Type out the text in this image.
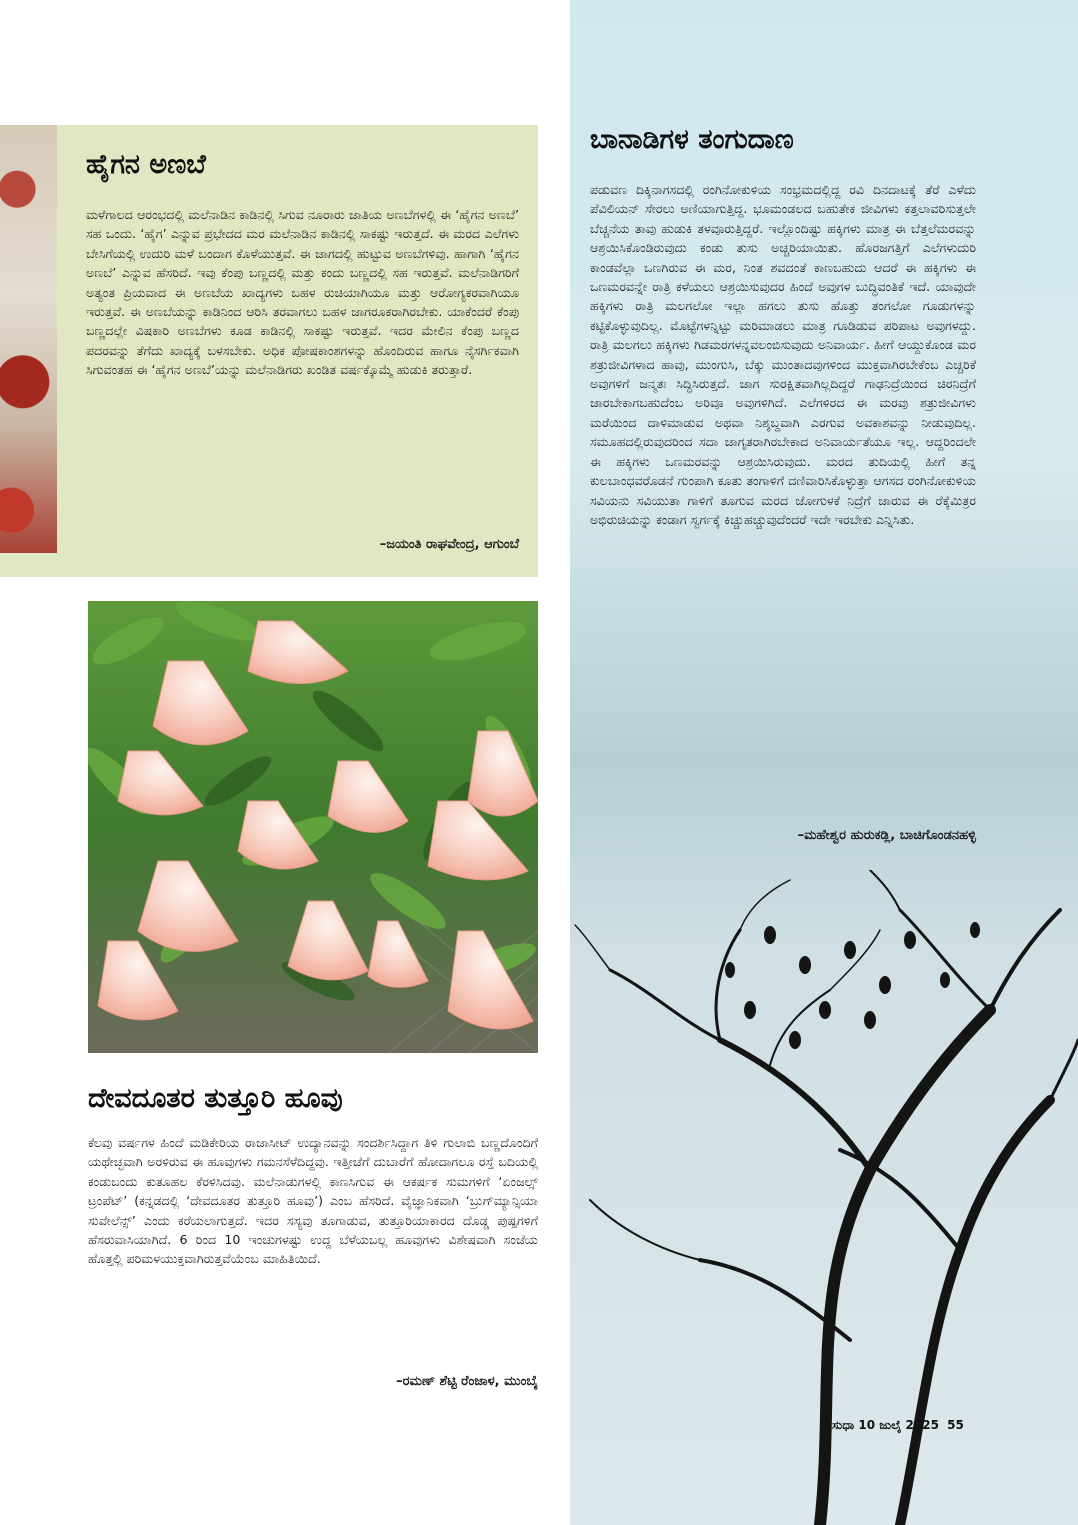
ಹೈಗನ ಅಣಬೆ

ಮಳೆಗಾಲದ ಆರಂಭದಲ್ಲಿ ಮಲೆನಾಡಿನ ಕಾಡಿನಲ್ಲಿ ಸಿಗುವ ನೂರಾರು ಜಾತಿಯ ಅಣಬೆಗಳಲ್ಲಿ ಈ ‘ಹೈಗನ ಅಣಬೆ’ ಸಹ ಒಂದು. ‘ಹೈಗ’ ಎನ್ನುವ ಪ್ರಭೇದದ ಮರ ಮಲೆನಾಡಿನ ಕಾಡಿನಲ್ಲಿ ಸಾಕಷ್ಟು ಇರುತ್ತದೆ. ಈ ಮರದ ಎಲೆಗಳು ಬೇಸಿಗೆಯಲ್ಲಿ ಉದುರಿ ಮಳೆ ಬಂದಾಗ ಕೊಳೆಯುತ್ತವೆ. ಈ ಜಾಗದಲ್ಲಿ ಹುಟ್ಟುವ ಅಣಬೆಗಳಿವು. ಹಾಗಾಗಿ ‘ಹೈಗನ ಅಣಬೆ’ ಎನ್ನುವ ಹೆಸರಿದೆ. ಇವು ಕೆಂಪು ಬಣ್ಣದಲ್ಲಿ ಮತ್ತು ಕಂದು ಬಣ್ಣದಲ್ಲಿ ಸಹ ಇರುತ್ತವೆ. ಮಲೆನಾಡಿಗರಿಗೆ ಅತ್ಯಂತ ಪ್ರಿಯವಾದ ಈ ಅಣಬೆಯ ಖಾದ್ಯಗಳು ಬಹಳ ರುಚಿಯಾಗಿಯೂ ಮತ್ತು ಆರೋಗ್ಯಕರವಾಗಿಯೂ ಇರುತ್ತವೆ. ಈ ಅಣಬೆಯನ್ನು ಕಾಡಿನಿಂದ ಆರಿಸಿ ತರವಾಗಲು ಬಹಳ ಜಾಗರೂಕರಾಗಿರಬೇಕು. ಯಾಕೆಂದರೆ ಕೆಂಪು ಬಣ್ಣದಲ್ಲೇ ವಿಷಕಾರಿ ಅಣಬೆಗಳು ಕೂಡ ಕಾಡಿನಲ್ಲಿ ಸಾಕಷ್ಟು ಇರುತ್ತವೆ. ಇದರ ಮೇಲಿನ ಕೆಂಪು ಬಣ್ಣದ ಪದರವನ್ನು ತೆಗೆದು ಖಾದ್ಯಕ್ಕೆ ಬಳಸಬೇಕು. ಅಧಿಕ ಪೋಷಕಾಂಶಗಳನ್ನು ಹೊಂದಿರುವ ಹಾಗೂ ನೈಸರ್ಗಿಕವಾಗಿ ಸಿಗುವಂತಹ ಈ ‘ಹೈಗನ ಅಣಬೆ’ಯನ್ನು ಮಲೆನಾಡಿಗರು ಖಂಡಿತ ವರ್ಷಕ್ಕೊಮ್ಮೆ ಹುಡುಕಿ ತರುತ್ತಾರೆ.

–ಜಯಂತಿ ರಾಘವೇಂದ್ರ, ಆಗುಂಬೆ

ದೇವದೂತರ ತುತ್ತೂರಿ ಹೂವು

ಕೆಲವು ವರ್ಷಗಳ ಹಿಂದೆ ಮಡಿಕೇರಿಯ ರಾಜಾಸೀಟ್ ಉದ್ಯಾನವನ್ನು ಸಂದರ್ಶಿಸಿದ್ದಾಗ ತಿಳಿ ಗುಲಾಬಿ ಬಣ್ಣದೊಂದಿಗೆ ಯಥೇಚ್ಛವಾಗಿ ಅರಳಿರುವ ಈ ಹೂವುಗಳು ಗಮನಸೆಳೆದಿದ್ದವು. ಇತ್ತೀಚೆಗೆ ದುಬಾರೆಗೆ ಹೋದಾಗಲೂ ರಸ್ತೆ ಬದಿಯಲ್ಲಿ ಕಂಡುಬಂದು ಕುತೂಹಲ ಕೆರಳಿಸಿದವು. ಮಲೆನಾಡುಗಳಲ್ಲಿ ಕಾಣಸಿಗುವ ಈ ಆಕರ್ಷಕ ಸುಮಗಳಿಗೆ ‘ಏಂಜಲ್ಸ್ ಟ್ರಂಪೆಟ್’ (ಕನ್ನಡದಲ್ಲಿ ‘ದೇವದೂತರ ತುತ್ತೂರಿ ಹೂವು’) ಎಂಬ ಹೆಸರಿದೆ. ವೈಜ್ಞಾನಿಕವಾಗಿ ‘ಬ್ರುಗ್‌ಮ್ಯಾನ್ಸಿಯಾ ಸುವೇಲೆನ್ಸ್’ ಎಂದು ಕರೆಯಲಾಗುತ್ತದೆ. ಇದರ ಸಸ್ಯವು ತೂಗಾಡುವ, ತುತ್ತೂರಿಯಾಕಾರದ ದೊಡ್ಡ ಪುಷ್ಪಗಳಿಗೆ ಹೆಸರುವಾಸಿಯಾಗಿದೆ. 6 ರಿಂದ 10 ಇಂಚುಗಳಷ್ಟು ಉದ್ದ ಬೆಳೆಯಬಲ್ಲ ಹೂವುಗಳು ವಿಶೇಷವಾಗಿ ಸಂಜೆಯ ಹೊತ್ತಲ್ಲಿ ಪರಿಮಳಯುಕ್ತವಾಗಿರುತ್ತವೆಯೆಂಬ ಮಾಹಿತಿಯಿದೆ.

–ರಮಣ್ ಶೆಟ್ಟಿ ರೆಂಜಾಳ, ಮುಂಬೈ

ಬಾನಾಡಿಗಳ ತಂಗುದಾಣ

ಪಡುವಣ ದಿಕ್ಕಿನಾಗಸದಲ್ಲಿ ರಂಗಿನೋಕುಳಿಯ ಸಂಭ್ರಮದಲ್ಲಿದ್ದ ರವಿ ದಿನದಾಟಕ್ಕೆ ತೆರೆ ಎಳೆದು ಪೆವಿಲಿಯನ್ ಸೇರಲು ಅಣಿಯಾಗುತ್ತಿದ್ದ. ಭೂಮಂಡಲದ ಬಹುತೇಕ ಜೀವಿಗಳು ಕತ್ತಲಾವರಿಸುತ್ತಲೇ ಬೆಚ್ಚನೆಯ ತಾವು ಹುಡುಕಿ ತಳವೂರುತ್ತಿದ್ದರೆ. ಇಲ್ಲೊಂದಿಷ್ಟು ಹಕ್ಕಿಗಳು ಮಾತ್ರ ಈ ಬೆತ್ತಲೆಮರವನ್ನು ಆಶ್ರಯಿಸಿಕೊಂಡಿರುವುದು ಕಂಡು ತುಸು ಅಚ್ಚರಿಯಾಯಿತು. ಹೊರಜಗತ್ತಿಗೆ ಎಲೆಗಳುದುರಿ ಕಾಂಡವೆಲ್ಲಾ ಒಣಗಿರುವ ಈ ಮರ, ನಿಂತ ಶವದಂತೆ ಕಾಣಬಹುದು ಆದರೆ ಈ ಹಕ್ಕಿಗಳು ಈ ಒಣಮರವನ್ನೇ ರಾತ್ರಿ ಕಳೆಯಲು ಆಶ್ರಯಿಸುವುದರ ಹಿಂದೆ ಅವುಗಳ ಬುದ್ಧಿವಂತಿಕೆ ಇದೆ. ಯಾವುದೇ ಹಕ್ಕಿಗಳು ರಾತ್ರಿ ಮಲಗಲೋ ಇಲ್ಲಾ ಹಗಲು ತುಸು ಹೊತ್ತು ತಂಗಲೋ ಗೂಡುಗಳನ್ನು ಕಟ್ಟಿಕೊಳ್ಳುವುದಿಲ್ಲ. ಮೊಟ್ಟೆಗಳನ್ನಿಟ್ಟು ಮರಿಮಾಡಲು ಮಾತ್ರ ಗೂಡಿಡುವ ಪರಿಪಾಟ ಅವುಗಳದ್ದು. ರಾತ್ರಿ ಮಲಗಲು ಹಕ್ಕಿಗಳು ಗಿಡಮರಗಳನ್ನವಲಂಬಿಸುವುದು ಅನಿವಾರ್ಯ. ಹೀಗೆ ಆಯ್ದುಕೊಂಡ ಮರ ಶತ್ರುಜೀವಿಗಳಾದ ಹಾವು, ಮುಂಗುಸಿ, ಬೆಕ್ಕು ಮುಂತಾದವುಗಳಿಂದ ಮುಕ್ತವಾಗಿರಬೇಕೆಂಬ ಎಚ್ಚರಿಕೆ ಅವುಗಳಿಗೆ ಜನ್ಮತಃ ಸಿದ್ಧಿಸಿರುತ್ತದೆ. ಜಾಗ ಸುರಕ್ಷಿತವಾಗಿಲ್ಲದಿದ್ದರೆ ಗಾಢನಿದ್ರೆಯಿಂದ ಚಿರನಿದ್ರೆಗೆ ಜಾರಬೇಕಾಗಬಹುದೆಂಬ ಅರಿವೂ ಅವುಗಳಿಗಿದೆ. ಎಲೆಗಳಿರದ ಈ ಮರವು ಶತ್ರುಜೀವಿಗಳು ಮರೆಯಿಂದ ದಾಳಿಮಾಡುವ ಅಥವಾ ನಿಶ್ಶಬ್ದವಾಗಿ ಎರಗುವ ಅವಕಾಶವನ್ನು ನೀಡುವುದಿಲ್ಲ. ಸಮೂಹದಲ್ಲಿರುವುದರಿಂದ ಸದಾ ಜಾಗೃತರಾಗಿರಬೇಕಾದ ಅನಿವಾರ್ಯತೆಯೂ ಇಲ್ಲ. ಆದ್ದರಿಂದಲೇ ಈ ಹಕ್ಕಿಗಳು ಒಣಮರವನ್ನು ಆಶ್ರಯಿಸಿರುವುದು. ಮರದ ತುದಿಯಲ್ಲಿ ಹೀಗೆ ತನ್ನ ಕುಲಬಾಂಧವರೊಡನೆ ಗುಂಪಾಗಿ ಕೂತು ತಂಗಾಳಿಗೆ ದಣಿವಾರಿಸಿಕೊಳ್ಳುತ್ತಾ ಆಗಸದ ರಂಗಿನೋಕುಳಿಯ ಸವಿಯನು ಸವಿಯುತಾ ಗಾಳಿಗೆ ತೂಗುವ ಮರದ ಜೋಗುಳಕೆ ನಿದ್ರೆಗೆ ಜಾರುವ ಈ ರೆಕ್ಕೆಮಿತ್ರರ ಅಭಿರುಚಿಯನ್ನು ಕಂಡಾಗ ಸ್ವರ್ಗಕ್ಕೆ ಕಿಚ್ಚುಹಚ್ಚುವುದೆಂದರೆ ಇದೇ ಇರಬೇಕು ಎನ್ನಿಸಿತು.

–ಮಹೇಶ್ವರ ಹುರುಕಡ್ಲಿ, ಬಾಚಿಗೊಂಡನಹಳ್ಳಿ

ಸುಧಾ 10 ಜುಲೈ 2025 55
